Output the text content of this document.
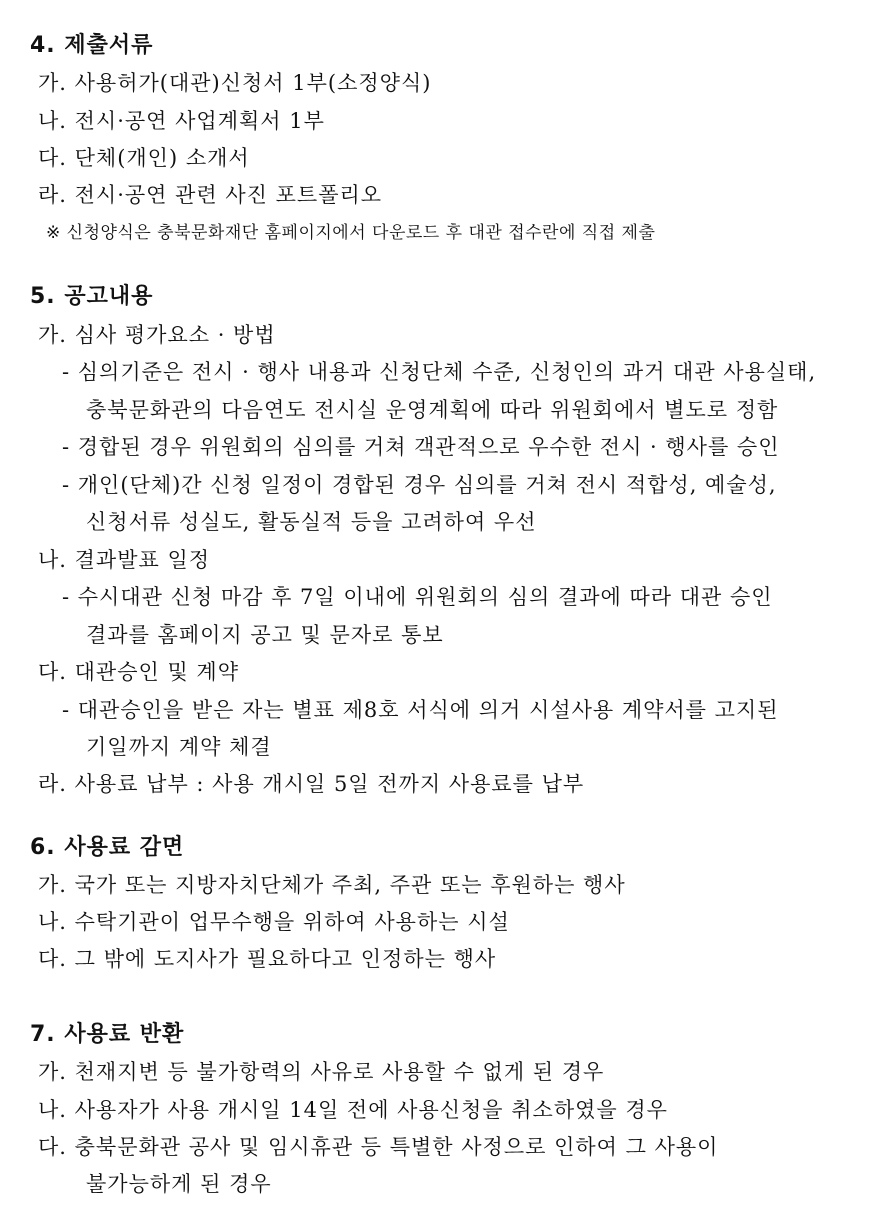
4. 제출서류
가. 사용허가(대관)신청서 1부(소정양식)
나. 전시·공연 사업계획서 1부
다. 단체(개인) 소개서
라. 전시·공연 관련 사진 포트폴리오
※ 신청양식은 충북문화재단 홈페이지에서 다운로드 후 대관 접수란에 직접 제출
5. 공고내용
가. 심사 평가요소 · 방법
- 심의기준은 전시 · 행사 내용과 신청단체 수준, 신청인의 과거 대관 사용실태,
충북문화관의 다음연도 전시실 운영계획에 따라 위원회에서 별도로 정함
- 경합된 경우 위원회의 심의를 거쳐 객관적으로 우수한 전시 · 행사를 승인
- 개인(단체)간 신청 일정이 경합된 경우 심의를 거쳐 전시 적합성, 예술성,
신청서류 성실도, 활동실적 등을 고려하여 우선
나. 결과발표 일정
- 수시대관 신청 마감 후 7일 이내에 위원회의 심의 결과에 따라 대관 승인
결과를 홈페이지 공고 및 문자로 통보
다. 대관승인 및 계약
- 대관승인을 받은 자는 별표 제8호 서식에 의거 시설사용 계약서를 고지된
기일까지 계약 체결
라. 사용료 납부 : 사용 개시일 5일 전까지 사용료를 납부
6. 사용료 감면
가. 국가 또는 지방자치단체가 주최, 주관 또는 후원하는 행사
나. 수탁기관이 업무수행을 위하여 사용하는 시설
다. 그 밖에 도지사가 필요하다고 인정하는 행사
7. 사용료 반환
가. 천재지변 등 불가항력의 사유로 사용할 수 없게 된 경우
나. 사용자가 사용 개시일 14일 전에 사용신청을 취소하였을 경우
다. 충북문화관 공사 및 임시휴관 등 특별한 사정으로 인하여 그 사용이
불가능하게 된 경우
